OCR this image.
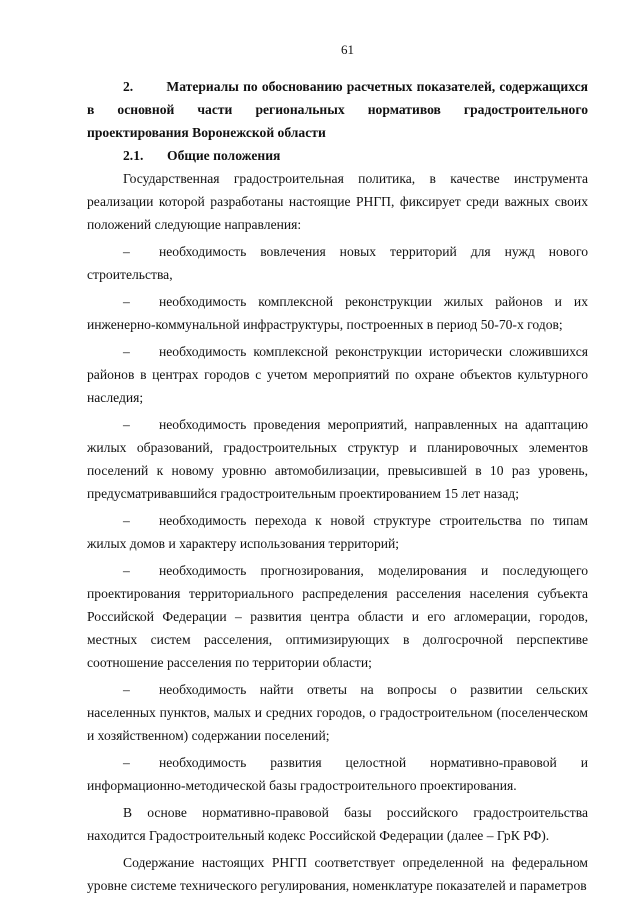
61

2. Материалы по обоснованию расчетных показателей, содержащихся в основной части региональных нормативов градостроительного проектирования Воронежской области

2.1. Общие положения

Государственная градостроительная политика, в качестве инструмента реализации которой разработаны настоящие РНГП, фиксирует среди важных своих положений следующие направления:

– необходимость вовлечения новых территорий для нужд нового строительства,

– необходимость комплексной реконструкции жилых районов и их инженерно-коммунальной инфраструктуры, построенных в период 50-70-х годов;

– необходимость комплексной реконструкции исторически сложившихся районов в центрах городов с учетом мероприятий по охране объектов культурного наследия;

– необходимость проведения мероприятий, направленных на адаптацию жилых образований, градостроительных структур и планировочных элементов поселений к новому уровню автомобилизации, превысившей в 10 раз уровень, предусматривавшийся градостроительным проектированием 15 лет назад;

– необходимость перехода к новой структуре строительства по типам жилых домов и характеру использования территорий;

– необходимость прогнозирования, моделирования и последующего проектирования территориального распределения расселения населения субъекта Российской Федерации – развития центра области и его агломерации, городов, местных систем расселения, оптимизирующих в долгосрочной перспективе соотношение расселения по территории области;

– необходимость найти ответы на вопросы о развитии сельских населенных пунктов, малых и средних городов, о градостроительном (поселенческом и хозяйственном) содержании поселений;

– необходимость развития целостной нормативно-правовой и информационно-методической базы градостроительного проектирования.

В основе нормативно-правовой базы российского градостроительства находится Градостроительный кодекс Российской Федерации (далее – ГрК РФ).

Содержание настоящих РНГП соответствует определенной на федеральном уровне системе технического регулирования, номенклатуре показателей и параметров
